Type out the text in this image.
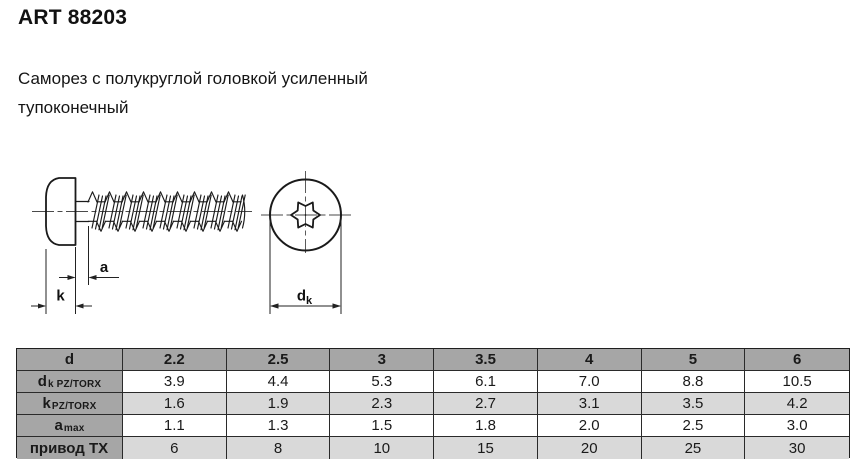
ART 88203
Саморез с полукруглой головкой усиленный
тупоконечный
a
k	$d_k$
d	2.2	2.5	3	3.5	4	5	6
d k PZ/TORX	3.9	4.4	5.3	6.1	7.0	8.8	10.5
k PZ/TORX	1.6	1.9	2.3	2.7	3.1	3.5	4.2
a max	1.1	1.3	1.5	1.8	2.0	2.5	3.0
привод TX	6	8	10	15	20	25	30
